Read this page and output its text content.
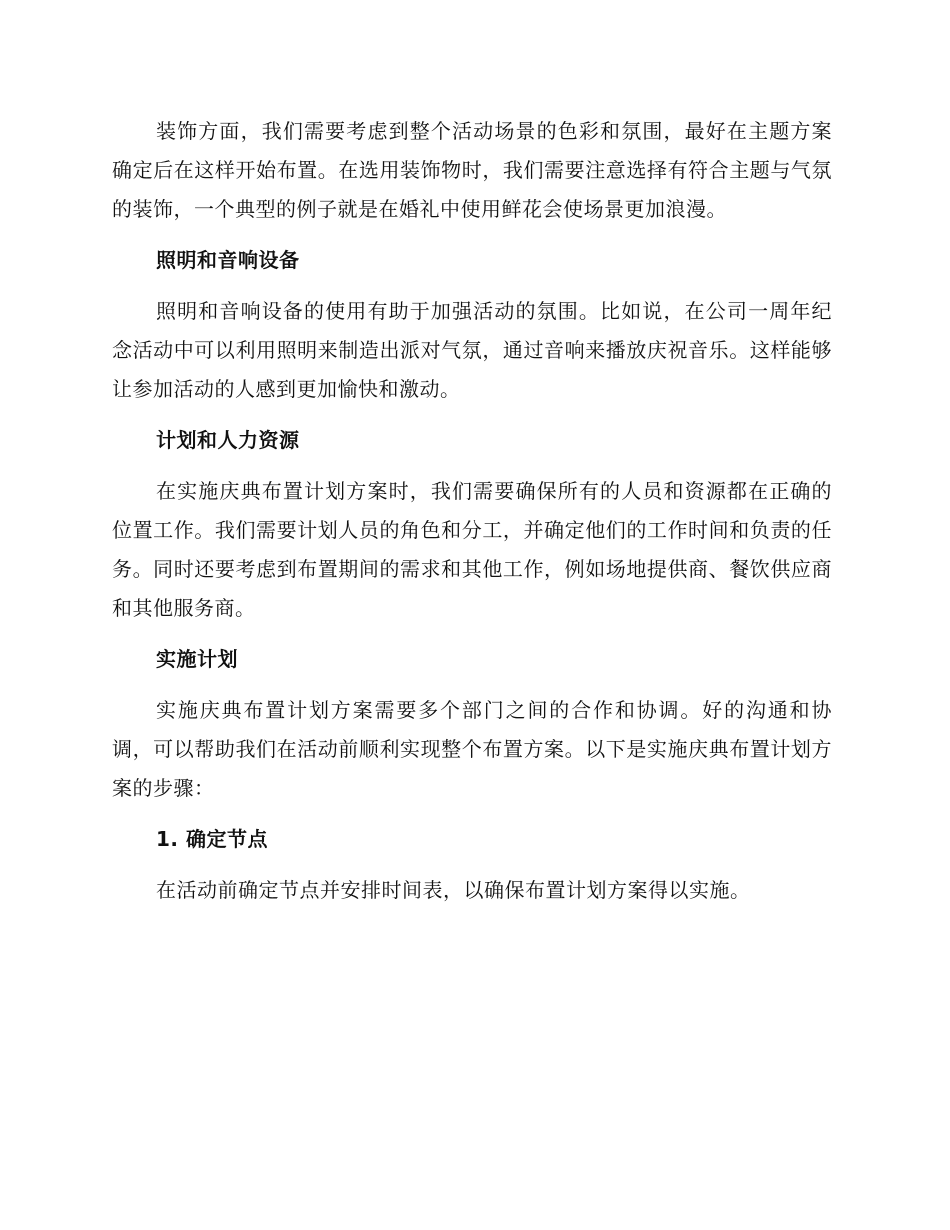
装饰方面，我们需要考虑到整个活动场景的色彩和氛围，最好在主题方案确定后在这样开始布置。在选用装饰物时，我们需要注意选择有符合主题与气氛的装饰，一个典型的例子就是在婚礼中使用鲜花会使场景更加浪漫。

照明和音响设备

照明和音响设备的使用有助于加强活动的氛围。比如说，在公司一周年纪念活动中可以利用照明来制造出派对气氛，通过音响来播放庆祝音乐。这样能够让参加活动的人感到更加愉快和激动。

计划和人力资源

在实施庆典布置计划方案时，我们需要确保所有的人员和资源都在正确的位置工作。我们需要计划人员的角色和分工，并确定他们的工作时间和负责的任务。同时还要考虑到布置期间的需求和其他工作，例如场地提供商、餐饮供应商和其他服务商。

实施计划

实施庆典布置计划方案需要多个部门之间的合作和协调。好的沟通和协调，可以帮助我们在活动前顺利实现整个布置方案。以下是实施庆典布置计划方案的步骤：

1. 确定节点

在活动前确定节点并安排时间表，以确保布置计划方案得以实施。
